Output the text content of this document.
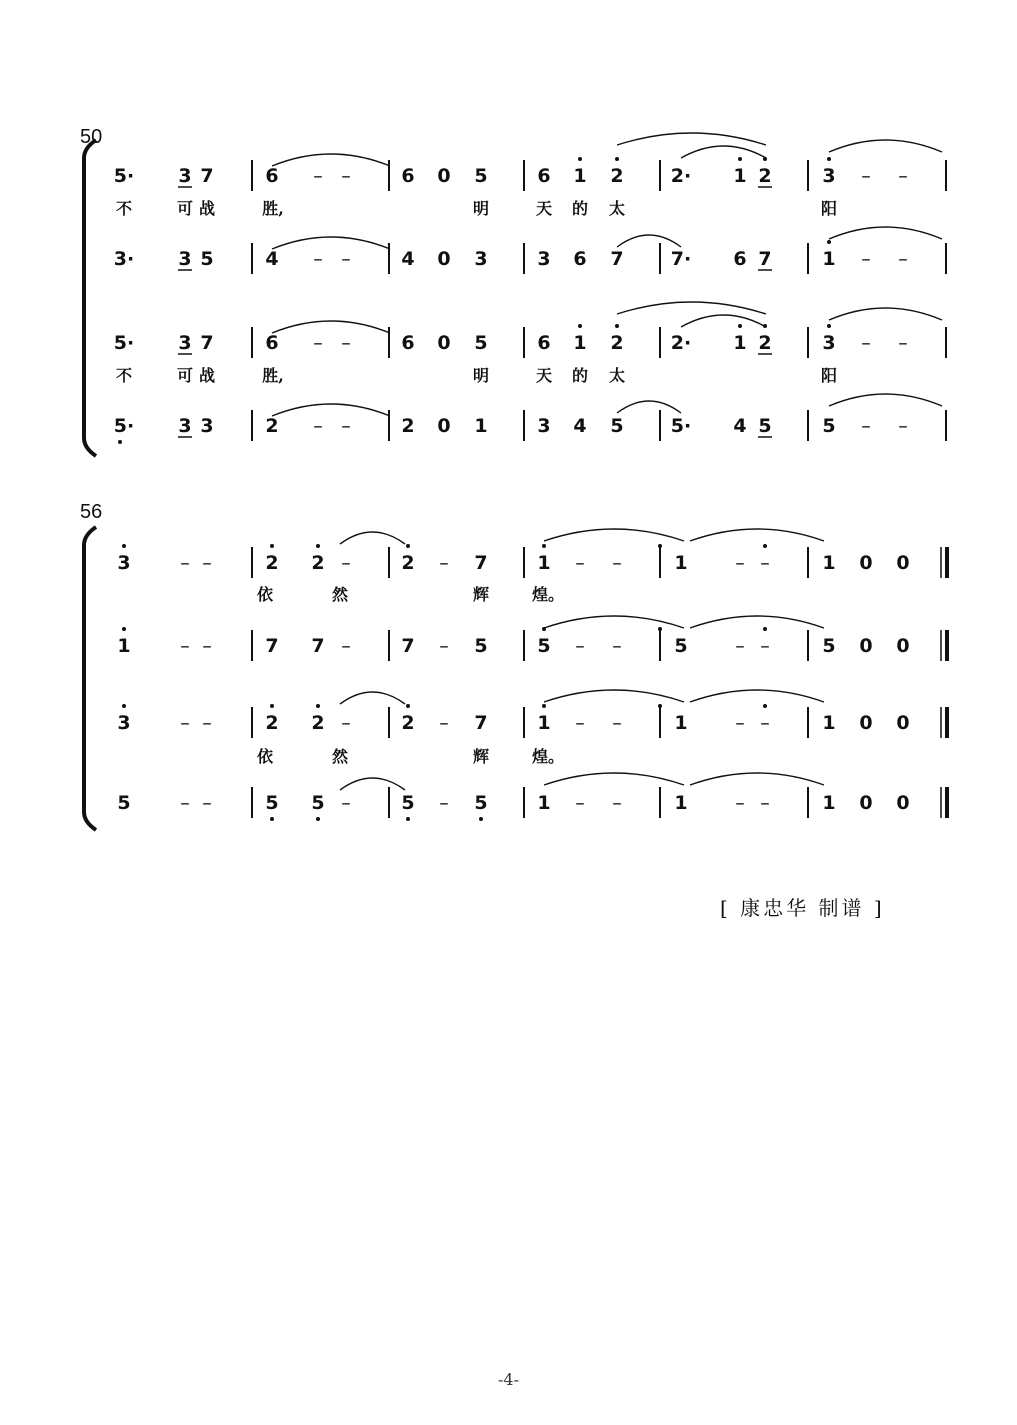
50
5· 3 7	6 – –	6 0 5	6 1 2 2· 1 2	3 – –
3· 3 5	4 – –	4 0 3	3 6 7 7· 6 7	1 – –
5· 3 7	6 – –	6 0 5	6 1 2 2· 1 2	3 – –
5· 3 3	2 – –	2 0 1	3 4 5 5· 4 5	5 – –
不	可 战	胜,	明	天 的 太	阳
不	可 战	胜,	明	天 的 太	阳
56
3	– –	2 2 –	2 – 7	1 – –	1	– –	1 0 0
1	– –	7 7 –	7 – 5	5 – –	5	– –	5 0 0
3	– –	2 2 –	2 – 7	1 – –	1	– –	1 0 0
5	– –	5 5 –	5 – 5	1 – –	1	– –	1 0 0
依	然	辉	煌。
依	然	辉	煌。
[ 康忠华 制谱 ]
-4-
